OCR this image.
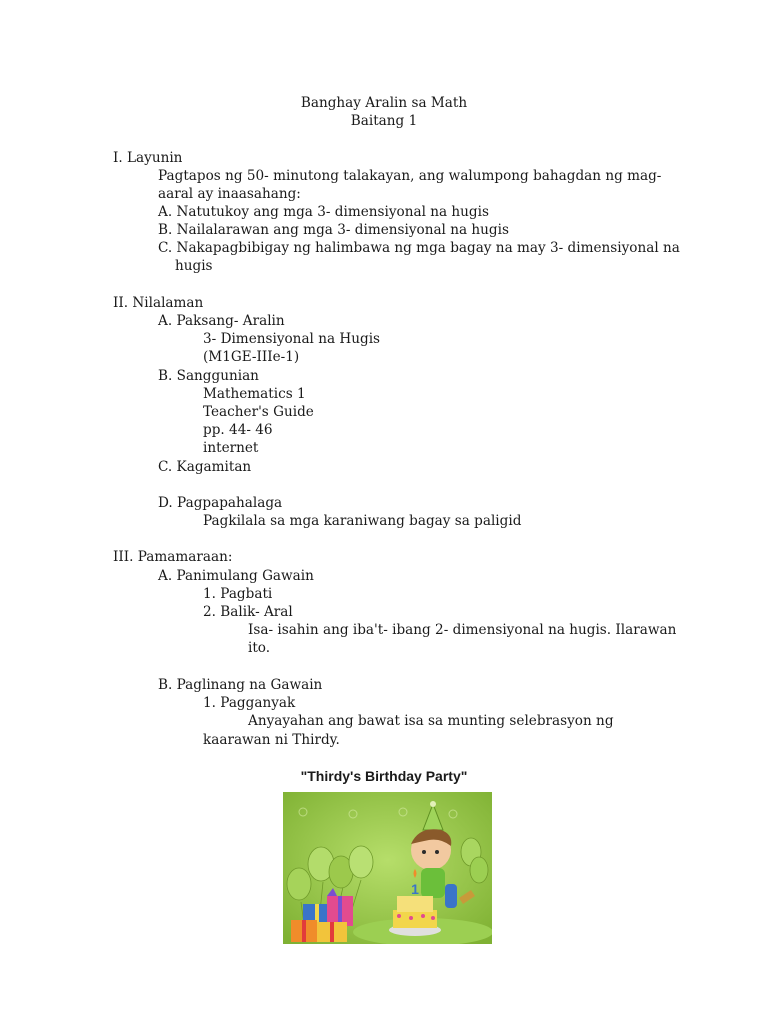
Banghay Aralin sa Math
Baitang 1
I. Layunin
Pagtapos ng 50- minutong talakayan, ang walumpong bahagdan ng mag-
aaral ay inaasahang:
A. Natutukoy ang mga 3- dimensiyonal na hugis
B. Nailalarawan ang mga 3- dimensiyonal na hugis
C. Nakapagbibigay ng halimbawa ng mga bagay na may 3- dimensiyonal na
hugis
II. Nilalaman
A. Paksang- Aralin
3- Dimensiyonal na Hugis
(M1GE-IIIe-1)
B. Sanggunian
Mathematics 1
Teacher's Guide
pp. 44- 46
internet
C. Kagamitan
D. Pagpapahalaga
Pagkilala sa mga karaniwang bagay sa paligid
III. Pamamaraan:
A. Panimulang Gawain
1. Pagbati
2. Balik- Aral
Isa- isahin ang iba't- ibang 2- dimensiyonal na hugis. Ilarawan
ito.
B. Paglinang na Gawain
1. Pagganyak
Anyayahan ang bawat isa sa munting selebrasyon ng
kaarawan ni Thirdy.
"Thirdy's Birthday Party"
1
